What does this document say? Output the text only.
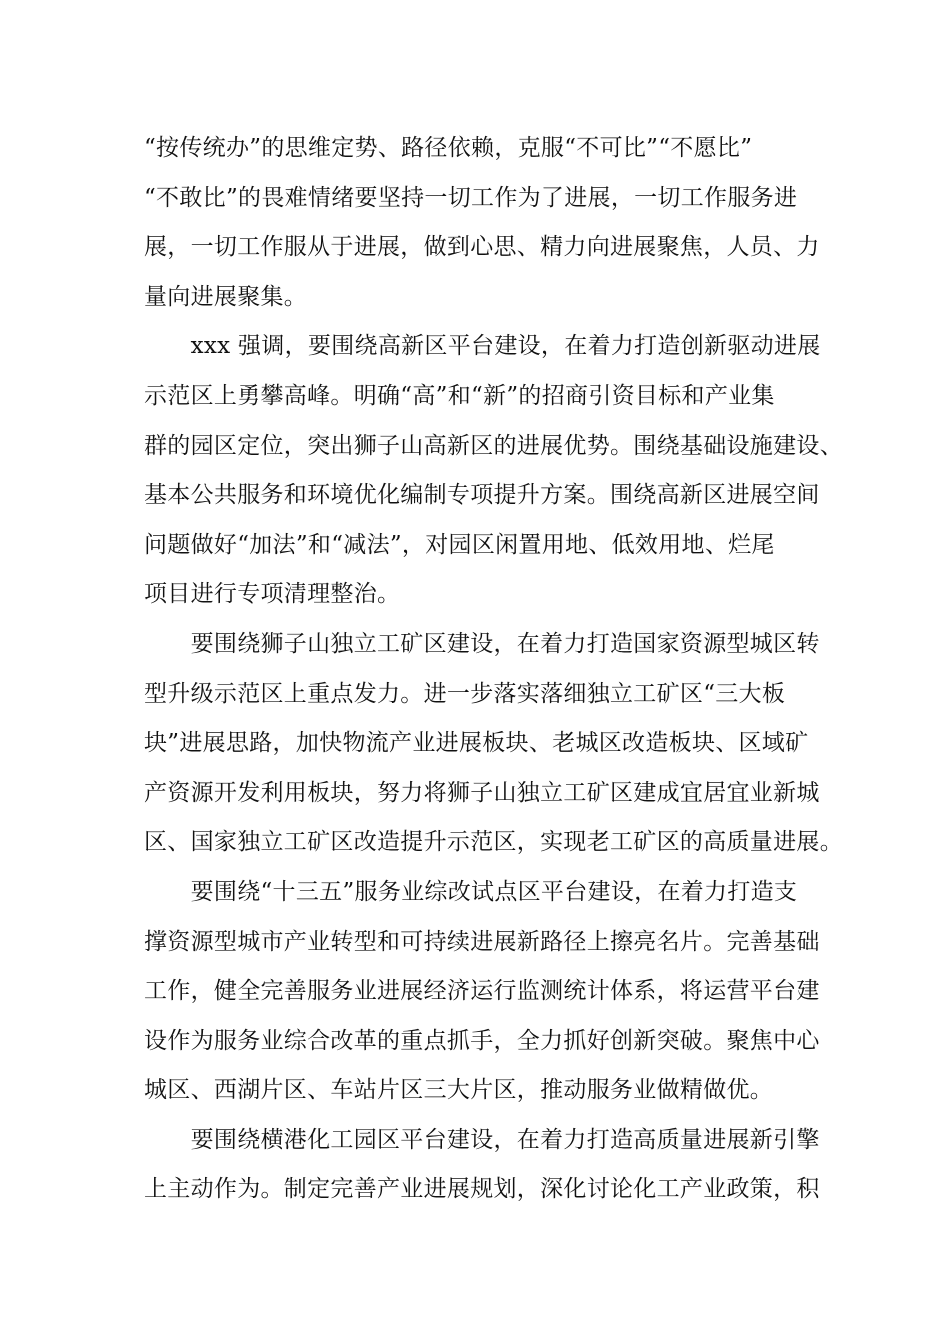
“按传统办”的思维定势、路径依赖，克服“不可比”“不愿比”
“不敢比”的畏难情绪要坚持一切工作为了进展，一切工作服务进
展，一切工作服从于进展，做到心思、精力向进展聚焦，人员、力
量向进展聚集。
　　xxx 强调，要围绕高新区平台建设，在着力打造创新驱动进展
示范区上勇攀高峰。明确“高”和“新”的招商引资目标和产业集
群的园区定位，突出狮子山高新区的进展优势。围绕基础设施建设、
基本公共服务和环境优化编制专项提升方案。围绕高新区进展空间
问题做好“加法”和“减法”，对园区闲置用地、低效用地、烂尾
项目进行专项清理整治。
　　要围绕狮子山独立工矿区建设，在着力打造国家资源型城区转
型升级示范区上重点发力。进一步落实落细独立工矿区“三大板
块”进展思路，加快物流产业进展板块、老城区改造板块、区域矿
产资源开发利用板块，努力将狮子山独立工矿区建成宜居宜业新城
区、国家独立工矿区改造提升示范区，实现老工矿区的高质量进展。
　　要围绕“十三五”服务业综改试点区平台建设，在着力打造支
撑资源型城市产业转型和可持续进展新路径上擦亮名片。完善基础
工作，健全完善服务业进展经济运行监测统计体系，将运营平台建
设作为服务业综合改革的重点抓手，全力抓好创新突破。聚焦中心
城区、西湖片区、车站片区三大片区，推动服务业做精做优。
　　要围绕横港化工园区平台建设，在着力打造高质量进展新引擎
上主动作为。制定完善产业进展规划，深化讨论化工产业政策，积
